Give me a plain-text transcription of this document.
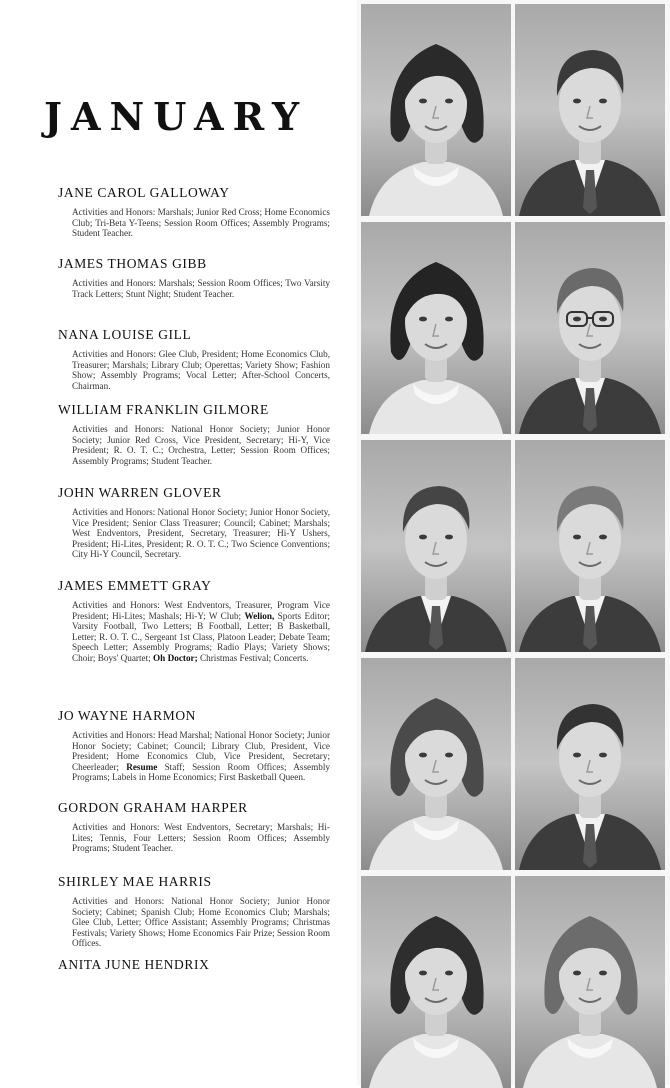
JANUARY

JANE CAROL GALLOWAY

Activities and Honors: Marshals; Junior Red Cross; Home Economics Club; Tri-Beta Y-Teens; Session Room Offices; Assembly Programs; Student Teacher.

JAMES THOMAS GIBB

Activities and Honors: Marshals; Session Room Offices; Two Varsity Track Letters; Stunt Night; Student Teacher.

NANA LOUISE GILL

Activities and Honors: Glee Club, President; Home Economics Club, Treasurer; Marshals; Library Club; Operettas; Variety Show; Fashion Show; Assembly Programs; Vocal Letter; After-School Concerts, Chairman.

WILLIAM FRANKLIN GILMORE

Activities and Honors: National Honor Society; Junior Honor Society; Junior Red Cross, Vice President, Secretary; Hi-Y, Vice President; R. O. T. C.; Orchestra, Letter; Session Room Offices; Assembly Programs; Student Teacher.

JOHN WARREN GLOVER

Activities and Honors: National Honor Society; Junior Honor Society, Vice President; Senior Class Treasurer; Council; Cabinet; Marshals; West Endventors, President, Secretary, Treasurer; Hi-Y Ushers, President; Hi-Lites, President; R. O. T. C.; Two Science Conventions; City Hi-Y Council, Secretary.

JAMES EMMETT GRAY

Activities and Honors: West Endventors, Treasurer, Program Vice President; Hi-Lites; Mashals; Hi-Y; W Club; Welion, Sports Editor; Varsity Football, Two Letters; B Football, Letter; B Basketball, Letter; R. O. T. C., Sergeant 1st Class, Platoon Leader; Debate Team; Speech Letter; Assembly Programs; Radio Plays; Variety Shows; Choir; Boys' Quartet; Oh Doctor; Christmas Festival; Concerts.

JO WAYNE HARMON

Activities and Honors: Head Marshal; National Honor Society; Junior Honor Society; Cabinet; Council; Library Club, President, Vice President; Home Economics Club, Vice President, Secretary; Cheerleader; Resume Staff; Session Room Offices; Assembly Programs; Labels in Home Economics; First Basketball Queen.

GORDON GRAHAM HARPER

Activities and Honors: West Endventors, Secretary; Marshals; Hi-Lites; Tennis, Four Letters; Session Room Offices; Assembly Programs; Student Teacher.

SHIRLEY MAE HARRIS

Activities and Honors: National Honor Society; Junior Honor Society; Cabinet; Spanish Club; Home Economics Club; Marshals; Glee Club, Letter; Office Assistant; Assembly Programs; Christmas Festivals; Variety Shows; Home Economics Fair Prize; Session Room Offices.

ANITA JUNE HENDRIX
